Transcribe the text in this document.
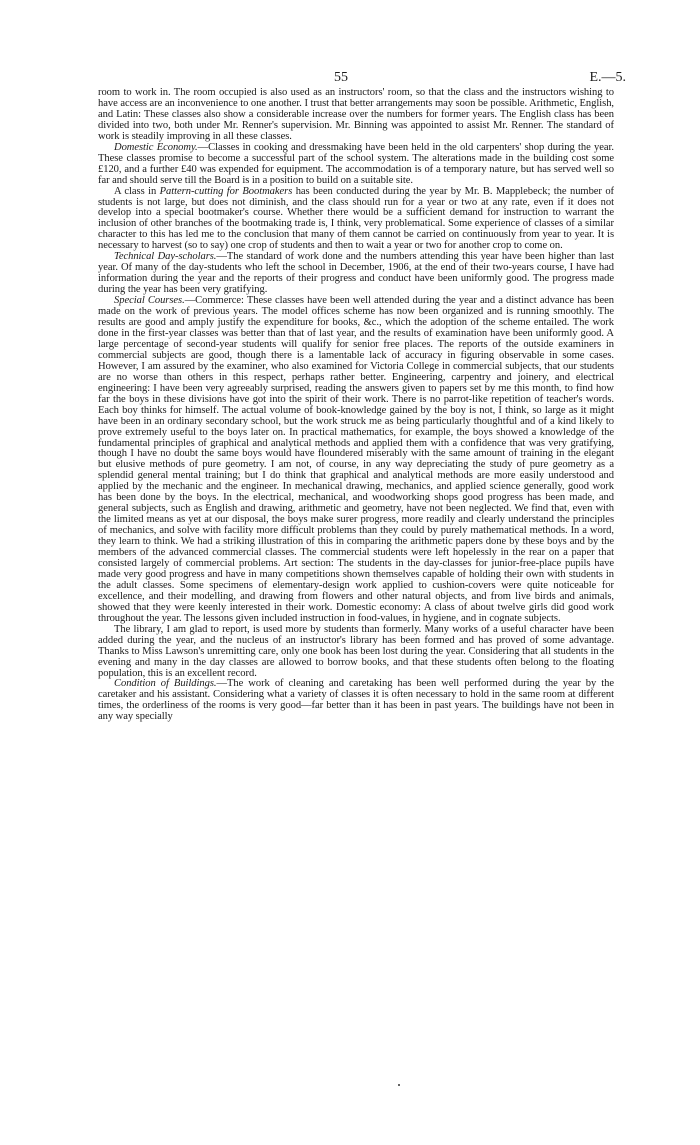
55	E.—5.

room to work in. The room occupied is also used as an instructors' room, so that the class and the instructors wishing to have access are an inconvenience to one another. I trust that better arrangements may soon be possible. Arithmetic, English, and Latin: These classes also show a considerable increase over the numbers for former years. The English class has been divided into two, both under Mr. Renner's supervision. Mr. Binning was appointed to assist Mr. Renner. The standard of work is steadily improving in all these classes.

Domestic Economy.—Classes in cooking and dressmaking have been held in the old carpenters' shop during the year. These classes promise to become a successful part of the school system. The alterations made in the building cost some £120, and a further £40 was expended for equipment. The accommodation is of a temporary nature, but has served well so far and should serve till the Board is in a position to build on a suitable site.

A class in Pattern-cutting for Bootmakers has been conducted during the year by Mr. B. Mapplebeck; the number of students is not large, but does not diminish, and the class should run for a year or two at any rate, even if it does not develop into a special bootmaker's course. Whether there would be a sufficient demand for instruction to warrant the inclusion of other branches of the bootmaking trade is, I think, very problematical. Some experience of classes of a similar character to this has led me to the conclusion that many of them cannot be carried on continuously from year to year. It is necessary to harvest (so to say) one crop of students and then to wait a year or two for another crop to come on.

Technical Day-scholars.—The standard of work done and the numbers attending this year have been higher than last year. Of many of the day-students who left the school in December, 1906, at the end of their two-years course, I have had information during the year and the reports of their progress and conduct have been uniformly good. The progress made during the year has been very gratifying.

Special Courses.—Commerce: These classes have been well attended during the year and a distinct advance has been made on the work of previous years. The model offices scheme has now been organized and is running smoothly. The results are good and amply justify the expenditure for books, &c., which the adoption of the scheme entailed. The work done in the first-year classes was better than that of last year, and the results of examination have been uniformly good. A large percentage of second-year students will qualify for senior free places. The reports of the outside examiners in commercial subjects are good, though there is a lamentable lack of accuracy in figuring observable in some cases. However, I am assured by the examiner, who also examined for Victoria College in commercial subjects, that our students are no worse than others in this respect, perhaps rather better. Engineering, carpentry and joinery, and electrical engineering: I have been very agreeably surprised, reading the answers given to papers set by me this month, to find how far the boys in these divisions have got into the spirit of their work. There is no parrot-like repetition of teacher's words. Each boy thinks for himself. The actual volume of book-knowledge gained by the boy is not, I think, so large as it might have been in an ordinary secondary school, but the work struck me as being particularly thoughtful and of a kind likely to prove extremely useful to the boys later on. In practical mathematics, for example, the boys showed a knowledge of the fundamental principles of graphical and analytical methods and applied them with a confidence that was very gratifying, though I have no doubt the same boys would have floundered miserably with the same amount of training in the elegant but elusive methods of pure geometry. I am not, of course, in any way depreciating the study of pure geometry as a splendid general mental training; but I do think that graphical and analytical methods are more easily understood and applied by the mechanic and the engineer. In mechanical drawing, mechanics, and applied science generally, good work has been done by the boys. In the electrical, mechanical, and woodworking shops good progress has been made, and general subjects, such as English and drawing, arithmetic and geometry, have not been neglected. We find that, even with the limited means as yet at our disposal, the boys make surer progress, more readily and clearly understand the principles of mechanics, and solve with facility more difficult problems than they could by purely mathematical methods. In a word, they learn to think. We had a striking illustration of this in comparing the arithmetic papers done by these boys and by the members of the advanced commercial classes. The commercial students were left hopelessly in the rear on a paper that consisted largely of commercial problems. Art section: The students in the day-classes for junior-free-place pupils have made very good progress and have in many competitions shown themselves capable of holding their own with students in the adult classes. Some specimens of elementary-design work applied to cushion-covers were quite noticeable for excellence, and their modelling, and drawing from flowers and other natural objects, and from live birds and animals, showed that they were keenly interested in their work. Domestic economy: A class of about twelve girls did good work throughout the year. The lessons given included instruction in food-values, in hygiene, and in cognate subjects.

The library, I am glad to report, is used more by students than formerly. Many works of a useful character have been added during the year, and the nucleus of an instructor's library has been formed and has proved of some advantage. Thanks to Miss Lawson's unremitting care, only one book has been lost during the year. Considering that all students in the evening and many in the day classes are allowed to borrow books, and that these students often belong to the floating population, this is an excellent record.

Condition of Buildings.—The work of cleaning and caretaking has been well performed during the year by the caretaker and his assistant. Considering what a variety of classes it is often necessary to hold in the same room at different times, the orderliness of the rooms is very good—far better than it has been in past years. The buildings have not been in any way specially
